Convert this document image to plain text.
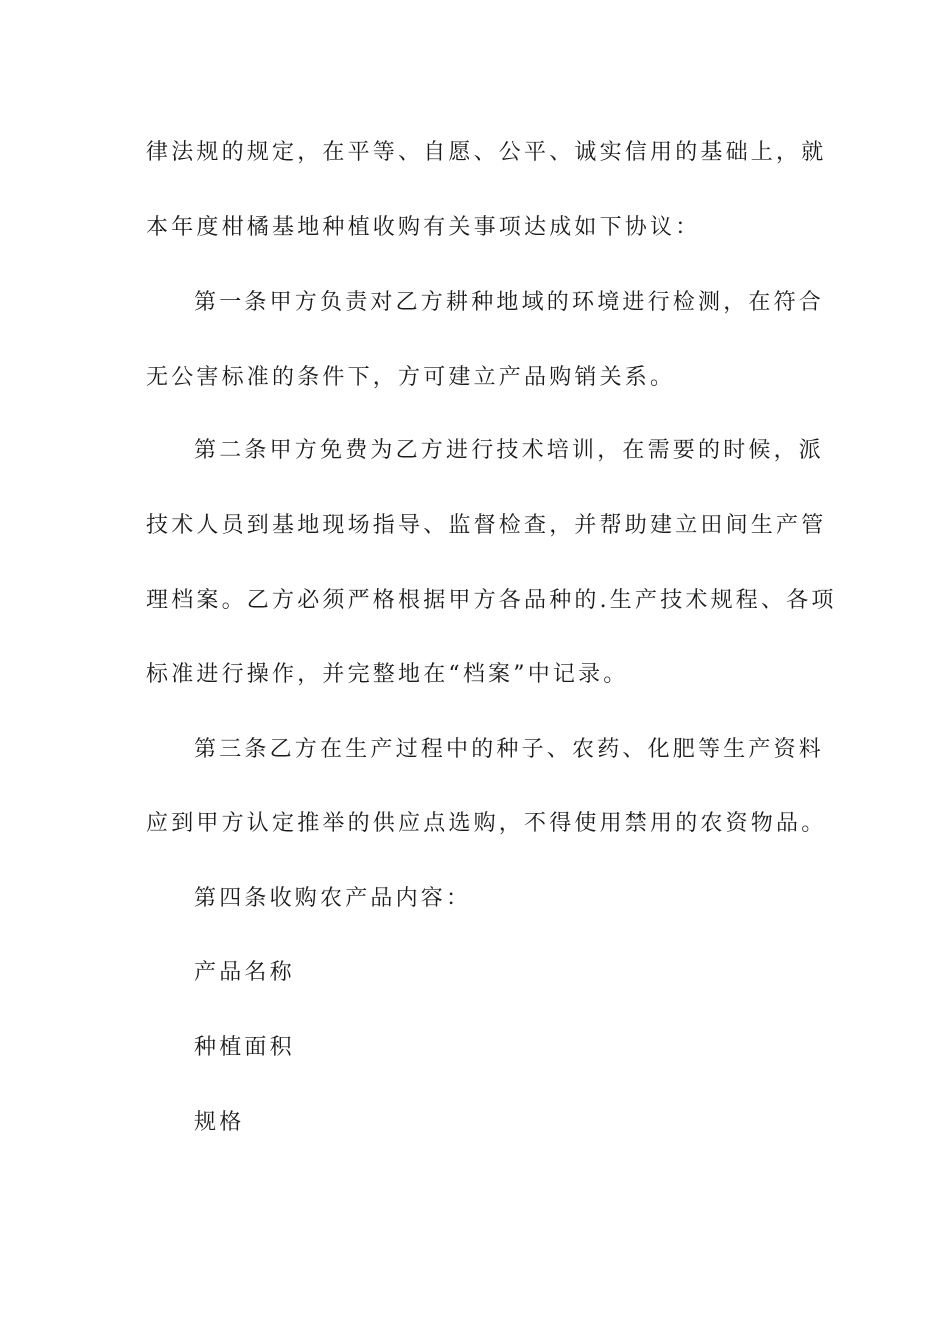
律法规的规定，在平等、自愿、公平、诚实信用的基础上，就
本年度柑橘基地种植收购有关事项达成如下协议：
第一条甲方负责对乙方耕种地域的环境进行检测，在符合
无公害标准的条件下，方可建立产品购销关系。
第二条甲方免费为乙方进行技术培训，在需要的时候，派
技术人员到基地现场指导、监督检查，并帮助建立田间生产管
理档案。乙方必须严格根据甲方各品种的.生产技术规程、各项
标准进行操作，并完整地在“档案”中记录。
第三条乙方在生产过程中的种子、农药、化肥等生产资料
应到甲方认定推举的供应点选购，不得使用禁用的农资物品。
第四条收购农产品内容：
产品名称
种植面积
规格
